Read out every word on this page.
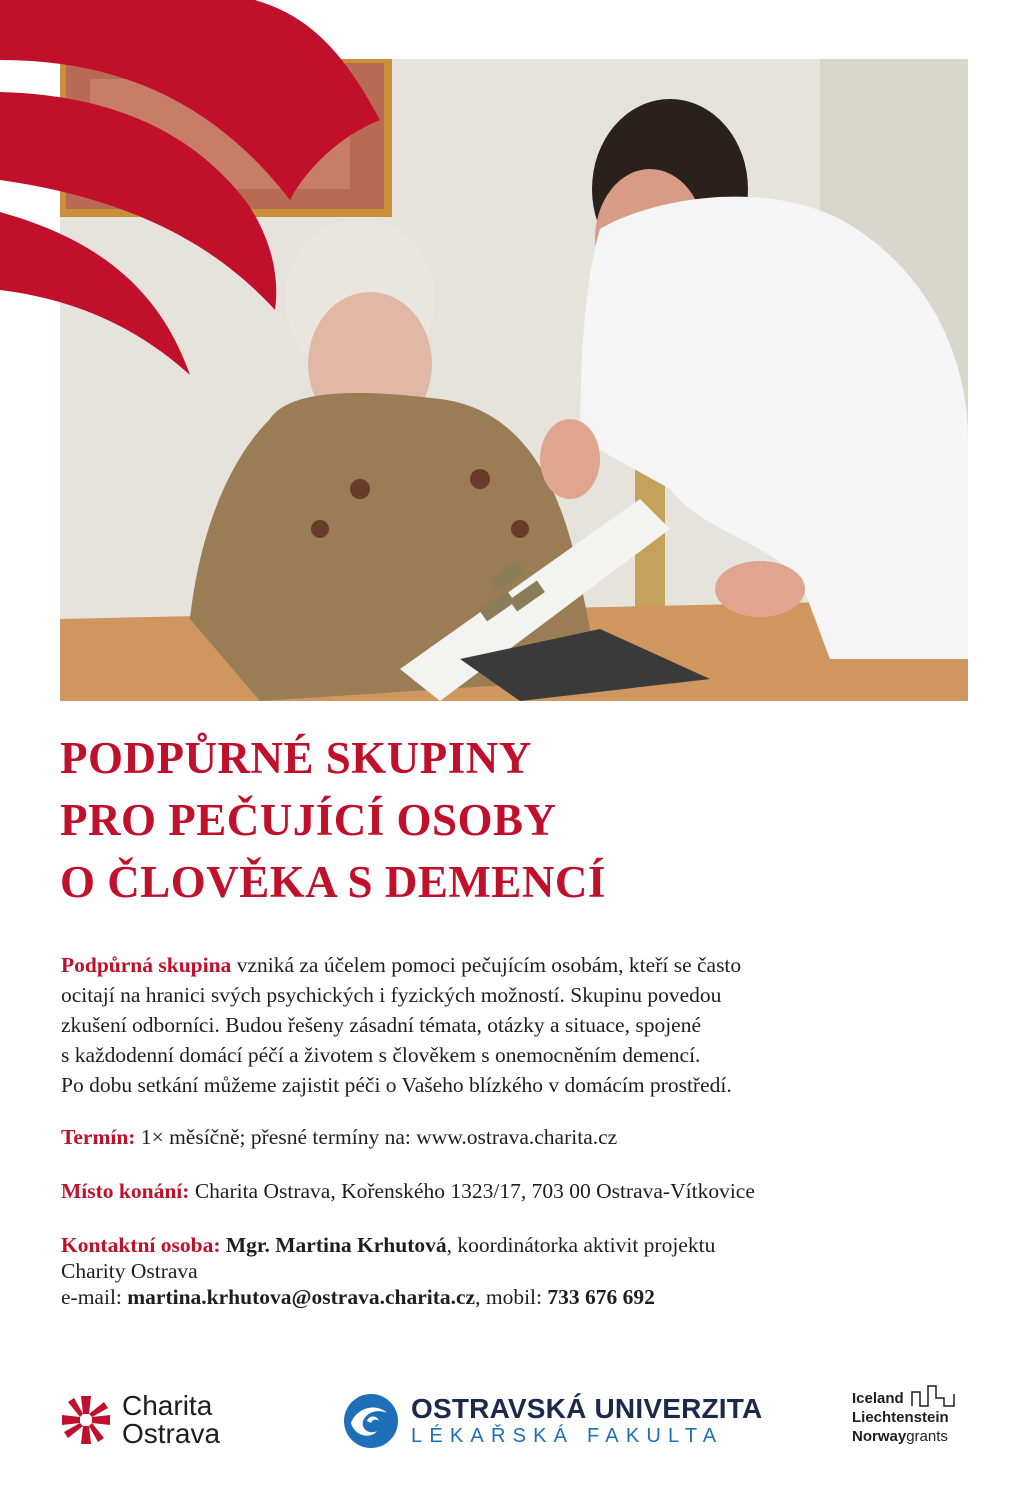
PODPŮRNÉ SKUPINY
PRO PEČUJÍCÍ OSOBY
O ČLOVĚKA S DEMENCÍ

Podpůrná skupina vzniká za účelem pomoci pečujícím osobám, kteří se často
ocitají na hranici svých psychických i fyzických možností. Skupinu povedou
zkušení odborníci. Budou řešeny zásadní témata, otázky a situace, spojené
s každodenní domácí péčí a životem s člověkem s onemocněním demencí.
Po dobu setkání můžeme zajistit péči o Vašeho blízkého v domácím prostředí.

Termín: 1× měsíčně; přesné termíny na: www.ostrava.charita.cz

Místo konání: Charita Ostrava, Kořenského 1323/17, 703 00 Ostrava-Vítkovice

Kontaktní osoba: Mgr. Martina Krhutová, koordinátorka aktivit projektu
Charity Ostrava
e-mail: martina.krhutova@ostrava.charita.cz, mobil: 733 676 692

Charita
Ostrava
OSTRAVSKÁ UNIVERZITA
LÉKAŘSKÁ FAKULTA
Iceland
Liechtenstein
Norwaygrants
